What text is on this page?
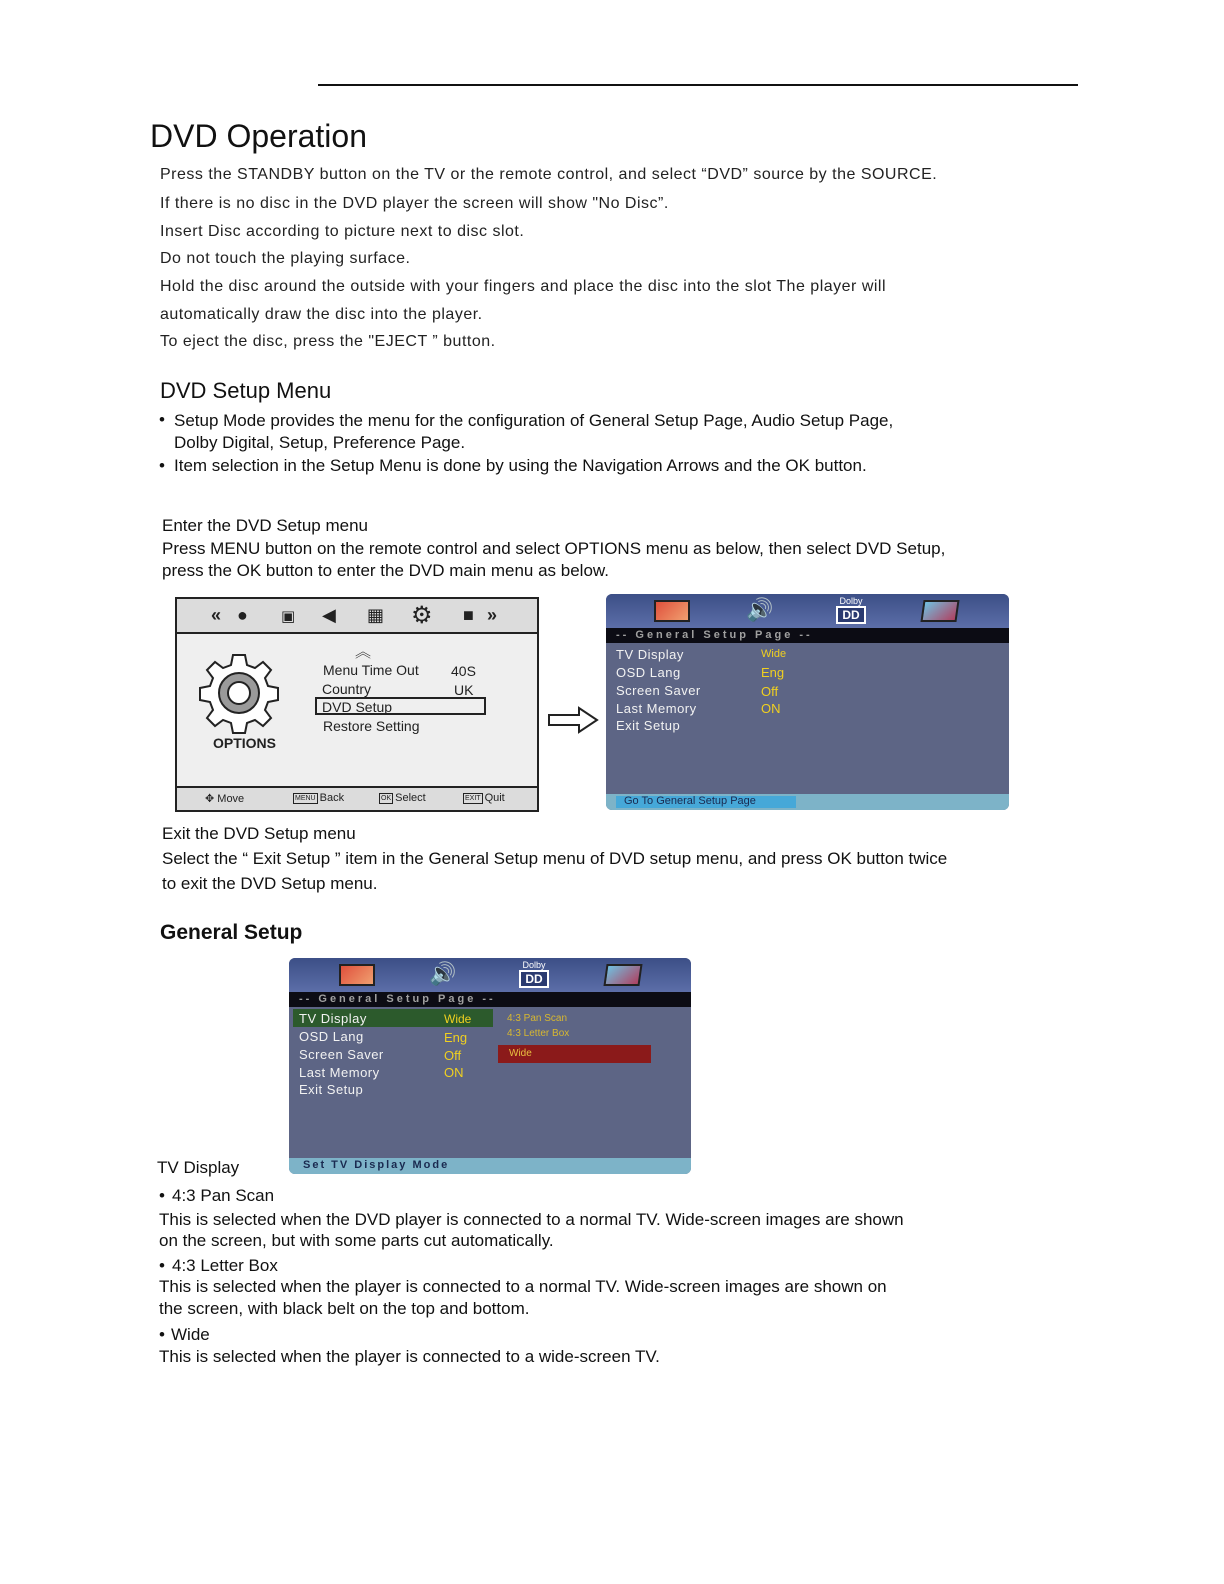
DVD Operation
Press the STANDBY button on the TV or the remote control, and select “DVD” source by the SOURCE.
If there is no disc in the DVD player the screen will show "No Disc”.
Insert Disc according to picture next to disc slot.
Do not touch the playing surface.
Hold the disc around the outside with your fingers and place the disc into the slot The player will
automatically draw the disc into the player.
To eject the disc, press the "EJECT ” button.
DVD Setup Menu
• Setup Mode provides the menu for the configuration of General Setup Page, Audio Setup Page,
Dolby Digital, Setup, Preference Page.
• Item selection in the Setup Menu is done by using the Navigation Arrows and the OK button.
Enter the DVD Setup menu
Press MENU button on the remote control and select OPTIONS menu as below, then select DVD Setup,
press the OK button to enter the DVD main menu as below.
« ● ▣ ◀ ▦ ⚙ ■ »
OPTIONS
︽
Menu Time Out 40S
Country	UK
DVD Setup
Restore Setting
✥ Move	MENU Back	OK Select	EXIT Quit
🔊	Dolby
DD
-- General Setup Page --
TV Display	Wide
OSD Lang	Eng
Screen Saver	Off
Last Memory	ON
Exit Setup
Go To General Setup Page
Exit the DVD Setup menu
Select the “ Exit Setup ” item in the General Setup menu of DVD setup menu, and press OK button twice
to exit the DVD Setup menu.
General Setup
🔊	Dolby
DD
-- General Setup Page --
TV Display	Wide
OSD Lang	Eng
Screen Saver	Off
Last Memory	ON
Exit Setup
4:3 Pan Scan
4:3 Letter Box
Wide
Set TV Display Mode
TV Display
• 4:3 Pan Scan
This is selected when the DVD player is connected to a normal TV. Wide-screen images are shown
on the screen, but with some parts cut automatically.
• 4:3 Letter Box
This is selected when the player is connected to a normal TV. Wide-screen images are shown on
the screen, with black belt on the top and bottom.
• Wide
This is selected when the player is connected to a wide-screen TV.
